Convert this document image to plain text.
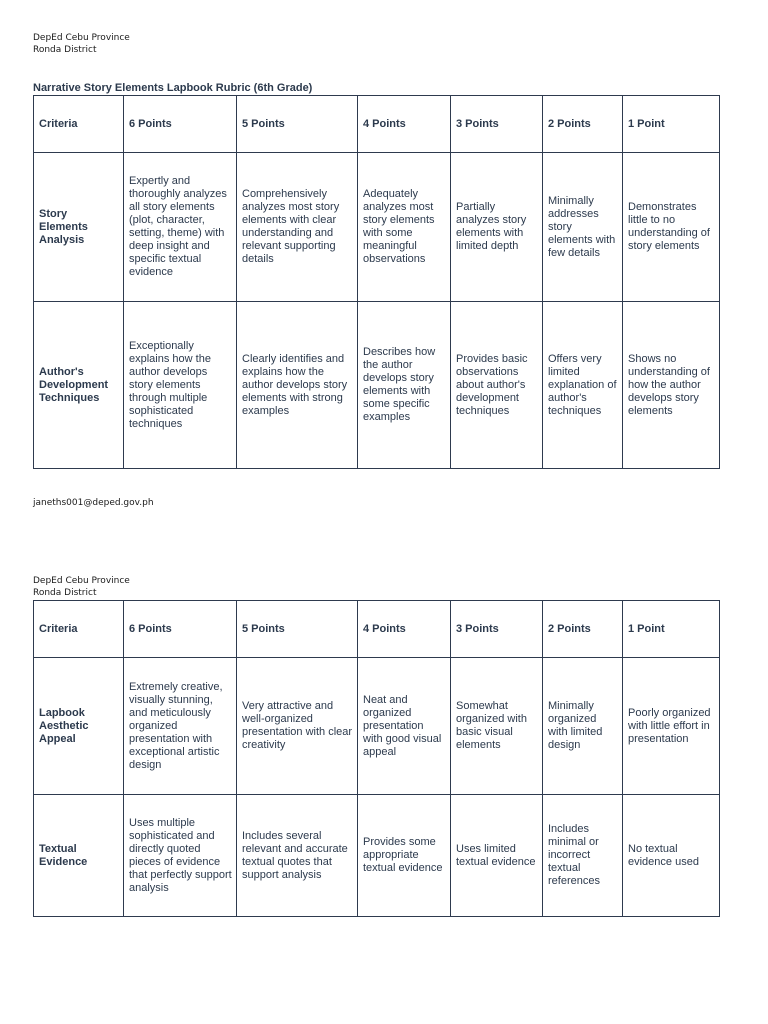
DepEd Cebu Province
Ronda District
Narrative Story Elements Lapbook Rubric (6th Grade)
Criteria	6 Points	5 Points	4 Points	3 Points	2 Points	1 Point
Story Elements Analysis	Expertly and thoroughly analyzes all story elements (plot, character, setting, theme) with deep insight and specific textual evidence	Comprehensively analyzes most story elements with clear understanding and relevant supporting details	Adequately analyzes most story elements with some meaningful observations	Partially analyzes story elements with limited depth	Minimally addresses story elements with few details	Demonstrates little to no understanding of story elements
Author's Development Techniques	Exceptionally explains how the author develops story elements through multiple sophisticated techniques	Clearly identifies and explains how the author develops story elements with strong examples	Describes how the author develops story elements with some specific examples	Provides basic observations about author's development techniques	Offers very limited explanation of author's techniques	Shows no understanding of how the author develops story elements
janeths001@deped.gov.ph
DepEd Cebu Province
Ronda District
Criteria	6 Points	5 Points	4 Points	3 Points	2 Points	1 Point
Lapbook Aesthetic Appeal	Extremely creative, visually stunning, and meticulously organized presentation with exceptional artistic design	Very attractive and well-organized presentation with clear creativity	Neat and organized presentation with good visual appeal	Somewhat organized with basic visual elements	Minimally organized with limited design	Poorly organized with little effort in presentation
Textual Evidence	Uses multiple sophisticated and directly quoted pieces of evidence that perfectly support analysis	Includes several relevant and accurate textual quotes that support analysis	Provides some appropriate textual evidence	Uses limited textual evidence	Includes minimal or incorrect textual references	No textual evidence used
